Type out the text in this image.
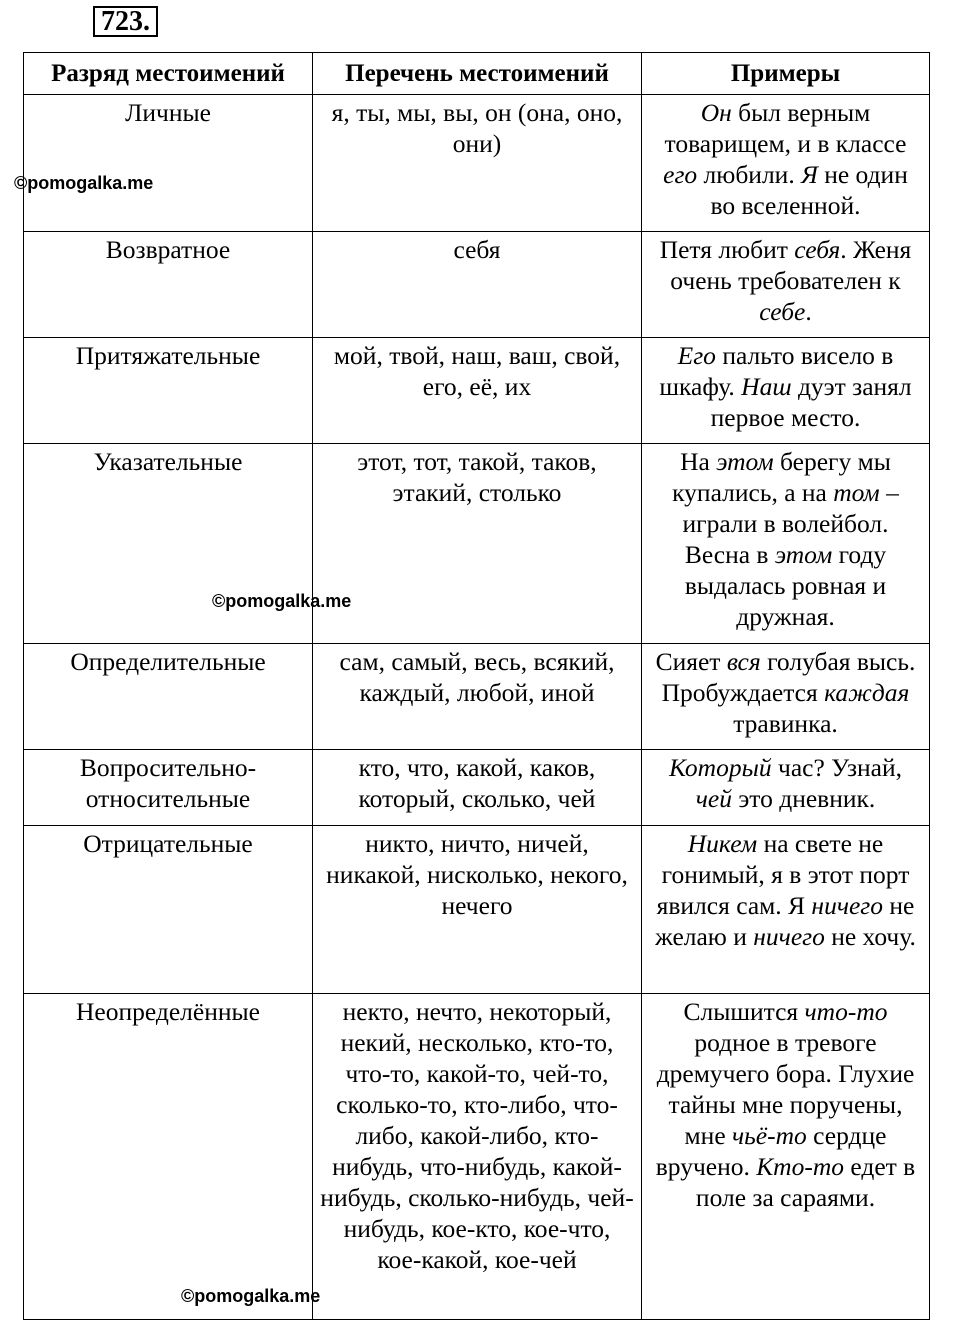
723.
Разряд местоимений	Перечень местоимений	Примеры
Личные	я, ты, мы, вы, он (она, оно, они)	Он был верным товарищем, и в классе его любили. Я не один во вселенной.
Возвратное	себя	Петя любит себя. Женя очень требователен к себе.
Притяжательные	мой, твой, наш, ваш, свой, его, её, их	Его пальто висело в шкафу. Наш дуэт занял первое место.
Указательные	этот, тот, такой, таков, этакий, столько	На этом берегу мы купались, а на том – играли в волейбол. Весна в этом году выдалась ровная и дружная.
Определительные	сам, самый, весь, всякий, каждый, любой, иной	Сияет вся голубая высь. Пробуждается каждая травинка.
Вопросительно-относительные	кто, что, какой, каков, который, сколько, чей	Который час? Узнай, чей это дневник.
Отрицательные	никто, ничто, ничей, никакой, нисколько, некого, нечего	Никем на свете не гонимый, я в этот порт явился сам. Я ничего не желаю и ничего не хочу.
Неопределённые	некто, нечто, некоторый, некий, несколько, кто-то, что-то, какой-то, чей-то, сколько-то, кто-либо, что-либо, какой-либо, кто-нибудь, что-нибудь, какой-нибудь, сколько-нибудь, чей-нибудь, кое-кто, кое-что, кое-какой, кое-чей	Слышится что-то родное в тревоге дремучего бора. Глухие тайны мне поручены, мне чьё-то сердце вручено. Кто-то едет в поле за сараями.
©pomogalka.me
©pomogalka.me
©pomogalka.me
